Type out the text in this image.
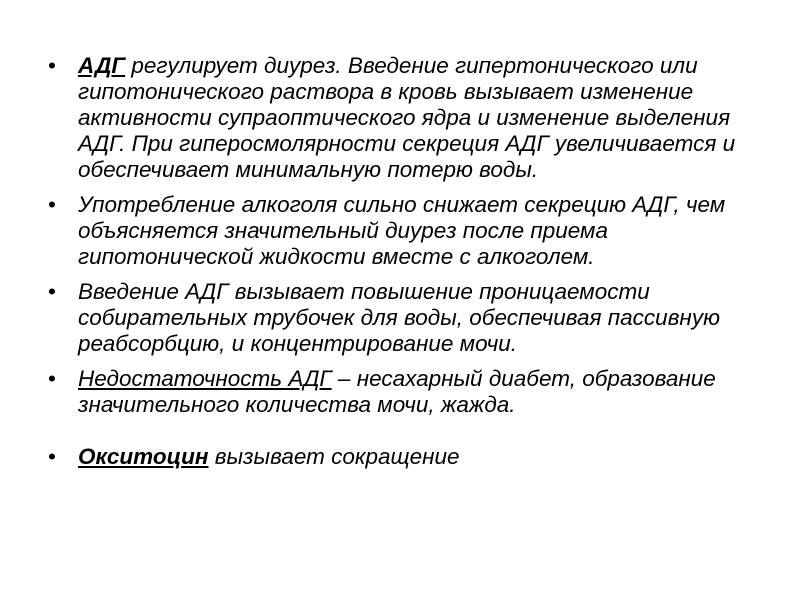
• АДГ регулирует диурез. Введение гипертонического или гипотонического раствора в кровь вызывает изменение активности супраоптического ядра и изменение выделения АДГ. При гиперосмолярности секреция АДГ увеличивается и обеспечивает минимальную потерю воды.
• Употребление алкоголя сильно снижает секрецию АДГ, чем объясняется значительный диурез после приема гипотонической жидкости вместе с алкоголем.
• Введение АДГ вызывает повышение проницаемости собирательных трубочек для воды, обеспечивая пассивную реабсорбцию, и концентрирование мочи.
• Недостаточность АДГ – несахарный диабет, образование значительного количества мочи, жажда.
• Окситоцин вызывает сокращение
